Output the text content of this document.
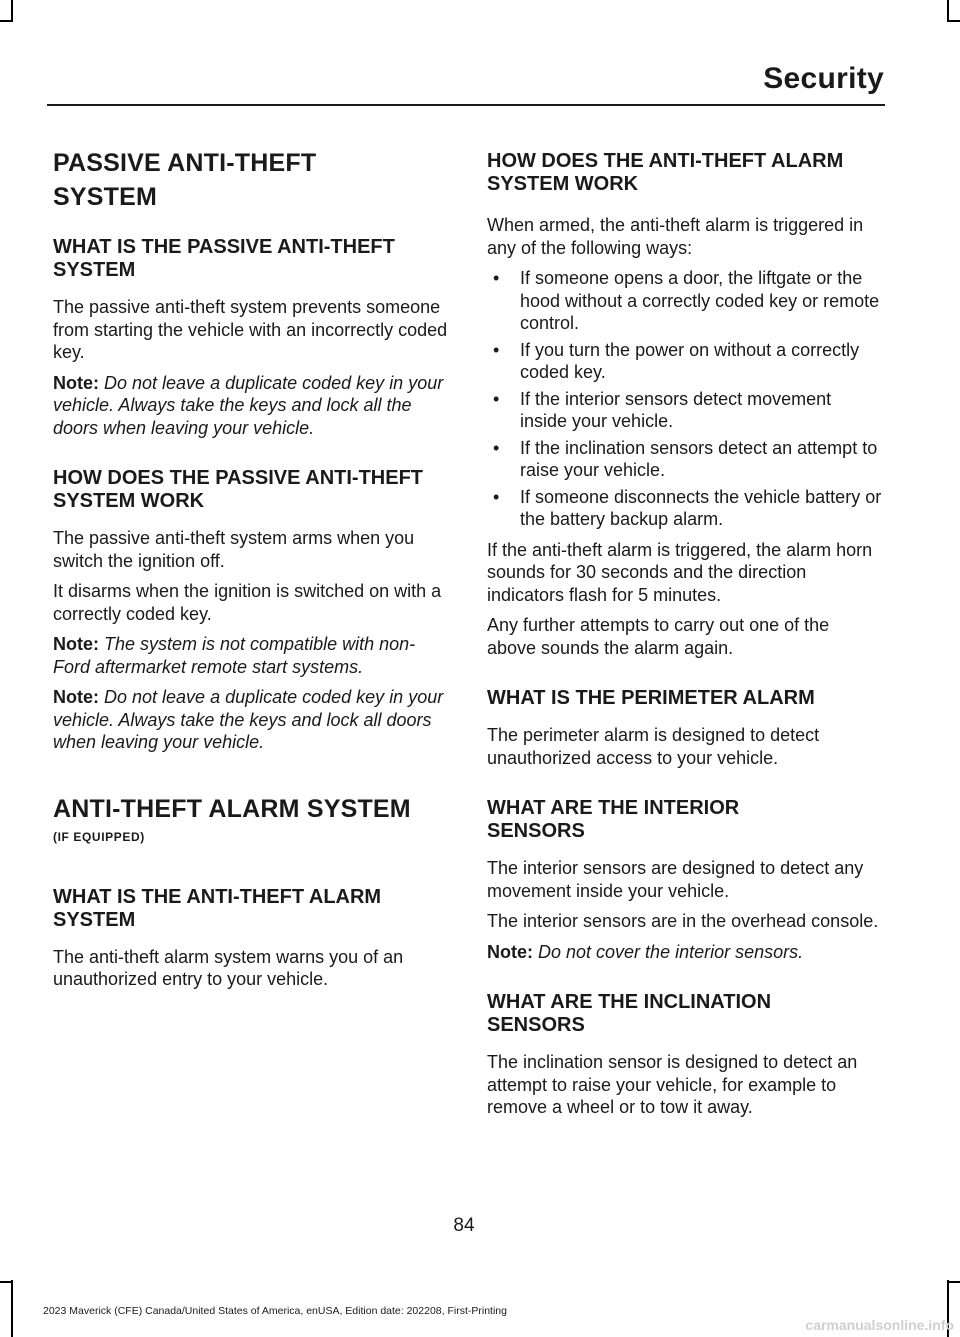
Security
PASSIVE ANTI-THEFT SYSTEM
WHAT IS THE PASSIVE ANTI-THEFT SYSTEM

The passive anti-theft system prevents someone from starting the vehicle with an incorrectly coded key.

Note: Do not leave a duplicate coded key in your vehicle. Always take the keys and lock all the doors when leaving your vehicle.

HOW DOES THE PASSIVE ANTI-THEFT SYSTEM WORK

The passive anti-theft system arms when you switch the ignition off.

It disarms when the ignition is switched on with a correctly coded key.

Note: The system is not compatible with non-Ford aftermarket remote start systems.

Note: Do not leave a duplicate coded key in your vehicle. Always take the keys and lock all doors when leaving your vehicle.

ANTI-THEFT ALARM SYSTEM
(IF EQUIPPED)
WHAT IS THE ANTI-THEFT ALARM SYSTEM

The anti-theft alarm system warns you of an unauthorized entry to your vehicle.

HOW DOES THE ANTI-THEFT ALARM SYSTEM WORK

When armed, the anti-theft alarm is triggered in any of the following ways:

• If someone opens a door, the liftgate or the hood without a correctly coded key or remote control.
• If you turn the power on without a correctly coded key.
• If the interior sensors detect movement inside your vehicle.
• If the inclination sensors detect an attempt to raise your vehicle.
• If someone disconnects the vehicle battery or the battery backup alarm.

If the anti-theft alarm is triggered, the alarm horn sounds for 30 seconds and the direction indicators flash for 5 minutes.

Any further attempts to carry out one of the above sounds the alarm again.

WHAT IS THE PERIMETER ALARM

The perimeter alarm is designed to detect unauthorized access to your vehicle.

WHAT ARE THE INTERIOR SENSORS

The interior sensors are designed to detect any movement inside your vehicle.

The interior sensors are in the overhead console.

Note: Do not cover the interior sensors.

WHAT ARE THE INCLINATION SENSORS

The inclination sensor is designed to detect an attempt to raise your vehicle, for example to remove a wheel or to tow it away.

84
2023 Maverick (CFE) Canada/United States of America, enUSA, Edition date: 202208, First-Printing
carmanualsonline.info
